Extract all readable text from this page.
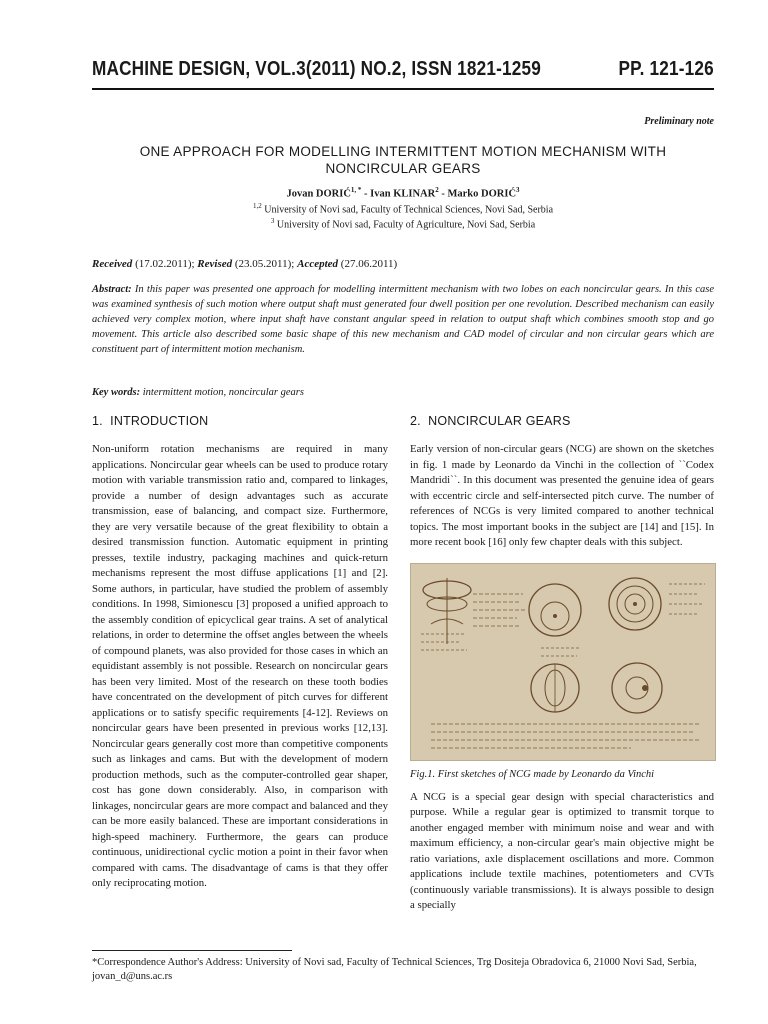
MACHINE DESIGN, VOL.3(2011) NO.2, ISSN 1821-1259	PP. 121-126
Preliminary note
ONE APPROACH FOR MODELLING INTERMITTENT MOTION MECHANISM WITH
NONCIRCULAR GEARS
Jovan $DORIĆ^{1, *}$ - Ivan KLINAR$^2$ - Marko DORIĆ$^3$
$^{1,2}$ University of Novi sad, Faculty of Technical Sciences, Novi Sad, Serbia
$^3$ University of Novi sad, Faculty of Agriculture, Novi Sad, Serbia
Received (17.02.2011); Revised (23.05.2011); Accepted (27.06.2011)
Abstract: In this paper was presented one approach for modelling intermittent mechanism with two lobes on each noncircular gears. In this case was examined synthesis of such motion where output shaft must generated four dwell position per one revolution. Described mechanism can easily achieved very complex motion, where input shaft have constant angular speed in relation to output shaft which combines smooth stop and go movement. This article also described some basic shape of this new mechanism and CAD model of circular and non circular gears which are constituent part of intermittent motion mechanism.
Key words: intermittent motion, noncircular gears
1.  INTRODUCTION

Non-uniform rotation mechanisms are required in many applications. Noncircular gear wheels can be used to produce rotary motion with variable transmission ratio and, compared to linkages, provide a number of design advantages such as accurate transmission, ease of balancing, and compact size. Furthermore, they are very versatile because of the great flexibility to obtain a desired transmission function. Automatic equipment in printing presses, textile industry, packaging machines and quick-return mechanisms represent the most diffuse applications [1] and [2]. Some authors, in particular, have studied the problem of assembly conditions. In 1998, Simionescu [3] proposed a unified approach to the assembly condition of epicyclical gear trains. A set of analytical relations, in order to determine the offset angles between the wheels of compound planets, was also provided for those cases in which an equidistant assembly is not possible. Research on noncircular gears has been very limited. Most of the research on these tooth bodies have concentrated on the development of pitch curves for different applications or to satisfy specific requirements [4-12]. Reviews on noncircular gears have been presented in previous works [12,13]. Noncircular gears generally cost more than competitive components such as linkages and cams. But with the development of modern production methods, such as the computer-controlled gear shaper, cost has gone down considerably. Also, in comparison with linkages, noncircular gears are more compact and balanced and they can be more easily balanced. These are important considerations in high-speed machinery. Furthermore, the gears can produce continuous, unidirectional cyclic motion a point in their favor when compared with cams. The disadvantage of cams is that they offer only reciprocating motion.

2.  NONCIRCULAR GEARS

Early version of non-circular gears (NCG) are shown on the sketches in fig. 1 made by Leonardo da Vinchi in the collection of ``Codex Mandridi``. In this document was presented the genuine idea of gears with eccentric circle and self-intersected pitch curve. The number of references of NCGs is very limited compared to another technical topics. The most important books in the subject are [14] and [15]. In more recent book [16] only few chapter deals with this subject.

Fig.1. First sketches of NCG made by Leonardo da Vinchi

A NCG is a special gear design with special characteristics and purpose. While a regular gear is optimized to transmit torque to another engaged member with minimum noise and wear and with maximum efficiency, a non-circular gear's main objective might be ratio variations, axle displacement oscillations and more. Common applications include textile machines, potentiometers and CVTs (continuously variable transmissions). It is always possible to design a specially

*Correspondence Author's Address: University of Novi sad, Faculty of Technical Sciences, Trg Dositeja Obradovica 6, 21000 Novi Sad, Serbia, jovan_d@uns.ac.rs
